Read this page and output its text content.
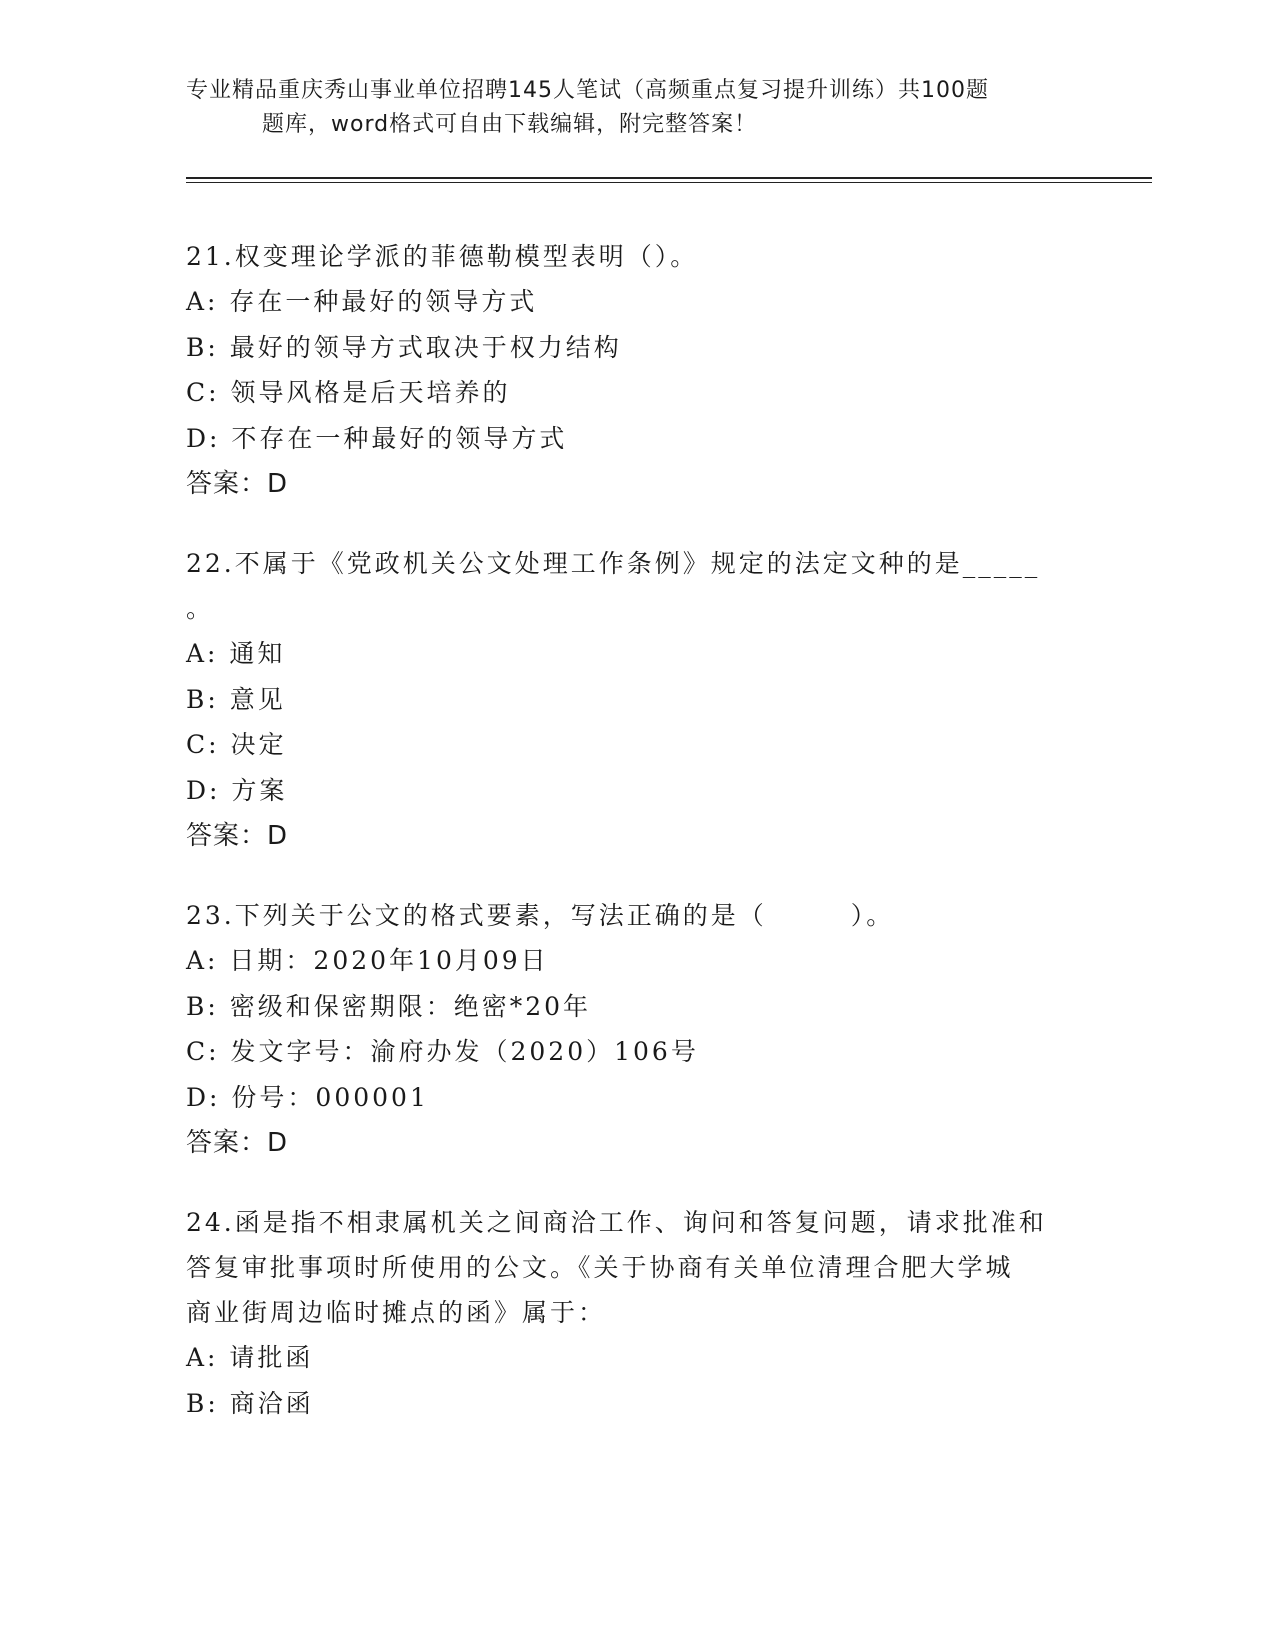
专业精品重庆秀山事业单位招聘145人笔试（高频重点复习提升训练）共100题
题库，word格式可自由下载编辑，附完整答案！
21.权变理论学派的菲德勒模型表明（）。
A: 存在一种最好的领导方式
B: 最好的领导方式取决于权力结构
C: 领导风格是后天培养的
D: 不存在一种最好的领导方式
答案：D
22.不属于《党政机关公文处理工作条例》规定的法定文种的是_____
。
A: 通知
B: 意见
C: 决定
D: 方案
答案：D
23.下列关于公文的格式要素，写法正确的是（　　　）。
A: 日期：2020年10月09日
B: 密级和保密期限：绝密*20年
C: 发文字号：渝府办发（2020）106号
D: 份号：000001
答案：D
24.函是指不相隶属机关之间商洽工作、询问和答复问题，请求批准和
答复审批事项时所使用的公文。《关于协商有关单位清理合肥大学城
商业街周边临时摊点的函》属于：
A: 请批函
B: 商洽函
